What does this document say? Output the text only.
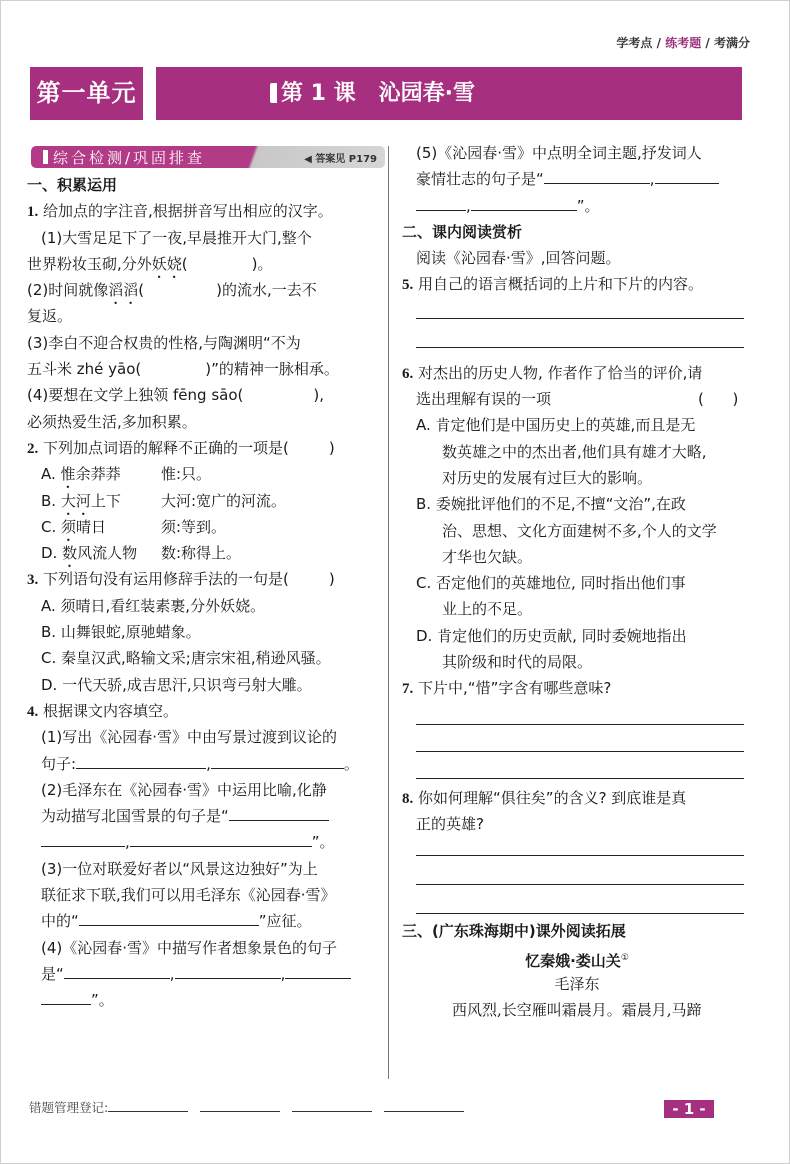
学考点 / 练考题 / 考满分
第一单元	第 1 课   沁园春·雪
综合检测/巩固排查	◀ 答案见 P179
一、积累运用
1. 给加点的字注音,根据拼音写出相应的汉字。
(1)大雪足足下了一夜,早晨推开大门,整个
世界粉妆玉砌,分外妖娆(	)。
(2)时间就像滔滔(	)的流水,一去不
复返。
(3)李白不迎合权贵的性格,与陶渊明“不为
五斗米 zhé yāo(	)”的精神一脉相承。
(4)要想在文学上独领 fēng sāo(	),
必须热爱生活,多加积累。
2. 下列加点词语的解释不正确的一项是(	)
A. 惟余莽莽	惟:只。
B. 大河上下	大河:宽广的河流。
C. 须晴日	须:等到。
D. 数风流人物 数:称得上。
3. 下列语句没有运用修辞手法的一句是(	)
A. 须晴日,看红装素裹,分外妖娆。
B. 山舞银蛇,原驰蜡象。
C. 秦皇汉武,略输文采;唐宗宋祖,稍逊风骚。
D. 一代天骄,成吉思汗,只识弯弓射大雕。
4. 根据课文内容填空。
(1)写出《沁园春·雪》中由写景过渡到议论的
句子:	,	。
(2)毛泽东在《沁园春·雪》中运用比喻,化静
为动描写北国雪景的句子是“
,	”。
(3)一位对联爱好者以“风景这边独好”为上
联征求下联,我们可以用毛泽东《沁园春·雪》
中的“	”应征。
(4)《沁园春·雪》中描写作者想象景色的句子
是“	,	,
”。
(5)《沁园春·雪》中点明全词主题,抒发词人
豪情壮志的句子是“	,
,	”。
二、课内阅读赏析
阅读《沁园春·雪》,回答问题。
5. 用自己的语言概括词的上片和下片的内容。
6. 对杰出的历史人物, 作者作了恰当的评价,请
选出理解有误的一项	(      )
A. 肯定他们是中国历史上的英雄,而且是无
数英雄之中的杰出者,他们具有雄才大略,
对历史的发展有过巨大的影响。
B. 委婉批评他们的不足,不擅“文治”,在政
治、思想、文化方面建树不多,个人的文学
才华也欠缺。
C. 否定他们的英雄地位, 同时指出他们事
业上的不足。
D. 肯定他们的历史贡献, 同时委婉地指出
其阶级和时代的局限。
7. 下片中,“惜”字含有哪些意味?
8. 你如何理解“俱往矣”的含义? 到底谁是真
正的英雄?
三、(广东珠海期中)课外阅读拓展
忆秦娥·娄山关①
毛泽东
西风烈,长空雁叫霜晨月。霜晨月,马蹄
错题管理登记:	- 1 -
